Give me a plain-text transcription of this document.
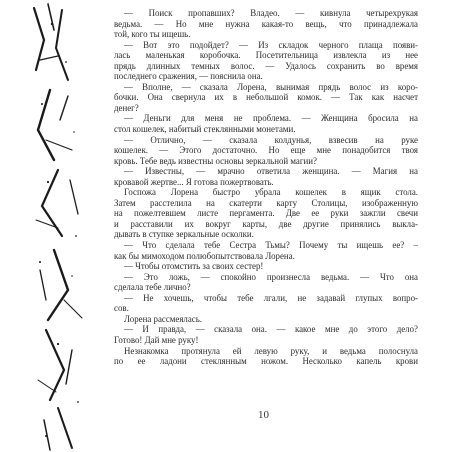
— Поиск пропавших? Владео. — кивнула четырехрукая
ведьма. — Но мне нужна какая-то вещь, что принадлежала
той, кого ты ищешь.
— Вот это подойдет? — Из складок черного плаща появи-
лась маленькая коробочка. Посетительница извлекла из нее
прядь длинных темных волос. — Удалось сохранить во время
последнего сражения, — пояснила она.
— Вполне, — сказала Лорена, вынимая прядь волос из коро-
бочки. Она свернула их в небольшой комок. — Так как насчет
денег?
— Деньги для меня не проблема. — Женщина бросила на
стол кошелек, набитый стеклянными монетами.
— Отлично, — сказала колдунья, взвесив на руке
кошелек. — Этого достаточно. Но еще мне понадобится твоя
кровь. Тебе ведь известны основы зеркальной магии?
— Известны, — мрачно ответила женщина. — Магия на
кровавой жертве... Я готова пожертвовать.
Госпожа Лорена быстро убрала кошелек в ящик стола.
Затем расстелила на скатерти карту Столицы, изображенную
на пожелтевшем листе пергамента. Две ее руки зажгли свечи
и расставили их вокруг карты, две другие принялись выкла-
дывать в ступке зеркальные осколки.
— Что сделала тебе Сестра Тьмы? Почему ты ищешь ее? –
как бы мимоходом полюбопытствовала Лорена.
— Чтобы отомстить за своих сестер!
— Это ложь, — спокойно произнесла ведьма. — Что она
сделала тебе лично?
— Не хочешь, чтобы тебе лгали, не задавай глупых вопро-
сов.
Лорена рассмеялась.
— И правда, — сказала она. — какое мне до этого дело?
Готово! Дай мне руку!
Незнакомка протянула ей левую руку, и ведьма полоснула
по ее ладони стеклянным ножом. Несколько капель крови
10
